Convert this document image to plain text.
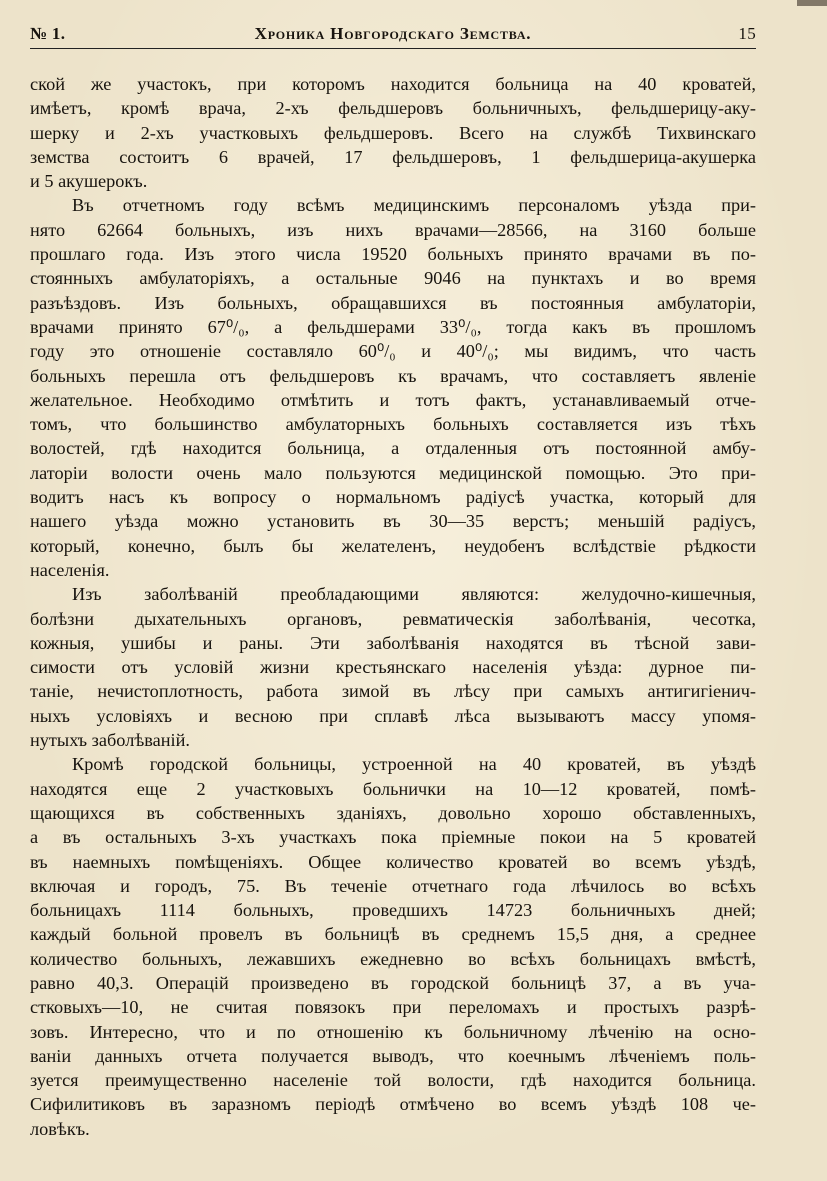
№ 1.	Хроника Новгородскаго Земства.	15
ской же участокъ, при которомъ находится больница на 40 кроватей,
имѣетъ, кромѣ врача, 2-хъ фельдшеровъ больничныхъ, фельдшерицу-аку-
шерку и 2-хъ участковыхъ фельдшеровъ. Всего на службѣ Тихвинскаго
земства состоитъ 6 врачей, 17 фельдшеровъ, 1 фельдшерица-акушерка
и 5 акушерокъ.
Въ отчетномъ году всѣмъ медицинскимъ персоналомъ уѣзда при-
нято 62664 больныхъ, изъ нихъ врачами—28566, на 3160 больше
прошлаго года. Изъ этого числа 19520 больныхъ принято врачами въ по-
стоянныхъ амбулаторіяхъ, а остальные 9046 на пунктахъ и во время
разъѣздовъ. Изъ больныхъ, обращавшихся въ постоянныя амбулаторіи,
врачами принято 67⁰/₀, а фельдшерами 33⁰/₀, тогда какъ въ прошломъ
году это отношеніе составляло 60⁰/₀ и 40⁰/₀; мы видимъ, что часть
больныхъ перешла отъ фельдшеровъ къ врачамъ, что составляетъ явленіе
желательное. Необходимо отмѣтить и тотъ фактъ, устанавливаемый отче-
томъ, что большинство амбулаторныхъ больныхъ составляется изъ тѣхъ
волостей, гдѣ находится больница, а отдаленныя отъ постоянной амбу-
латоріи волости очень мало пользуются медицинской помощью. Это при-
водитъ насъ къ вопросу о нормальномъ радіусѣ участка, который для
нашего уѣзда можно установить въ 30—35 верстъ; меньшій радіусъ,
который, конечно, былъ бы желателенъ, неудобенъ вслѣдствіе рѣдкости
населенія.
Изъ заболѣваній преобладающими являются: желудочно-кишечныя,
болѣзни дыхательныхъ органовъ, ревматическія заболѣванія, чесотка,
кожныя, ушибы и раны. Эти заболѣванія находятся въ тѣсной зави-
симости отъ условій жизни крестьянскаго населенія уѣзда: дурное пи-
таніе, нечистоплотность, работа зимой въ лѣсу при самыхъ антигигіенич-
ныхъ условіяхъ и весною при сплавѣ лѣса вызываютъ массу упомя-
нутыхъ заболѣваній.
Кромѣ городской больницы, устроенной на 40 кроватей, въ уѣздѣ
находятся еще 2 участковыхъ больнички на 10—12 кроватей, помѣ-
щающихся въ собственныхъ зданіяхъ, довольно хорошо обставленныхъ,
а въ остальныхъ 3-хъ участкахъ пока пріемные покои на 5 кроватей
въ наемныхъ помѣщеніяхъ. Общее количество кроватей во всемъ уѣздѣ,
включая и городъ, 75. Въ теченіе отчетнаго года лѣчилось во всѣхъ
больницахъ 1114 больныхъ, проведшихъ 14723 больничныхъ дней;
каждый больной провелъ въ больницѣ въ среднемъ 15,5 дня, а среднее
количество больныхъ, лежавшихъ ежедневно во всѣхъ больницахъ вмѣстѣ,
равно 40,3. Операцій произведено въ городской больницѣ 37, а въ уча-
стковыхъ—10, не считая повязокъ при переломахъ и простыхъ разрѣ-
зовъ. Интересно, что и по отношенію къ больничному лѣченію на осно-
ваніи данныхъ отчета получается выводъ, что коечнымъ лѣченіемъ поль-
зуется преимущественно населеніе той волости, гдѣ находится больница.
Сифилитиковъ въ заразномъ періодѣ отмѣчено во всемъ уѣздѣ 108 че-
ловѣкъ.
